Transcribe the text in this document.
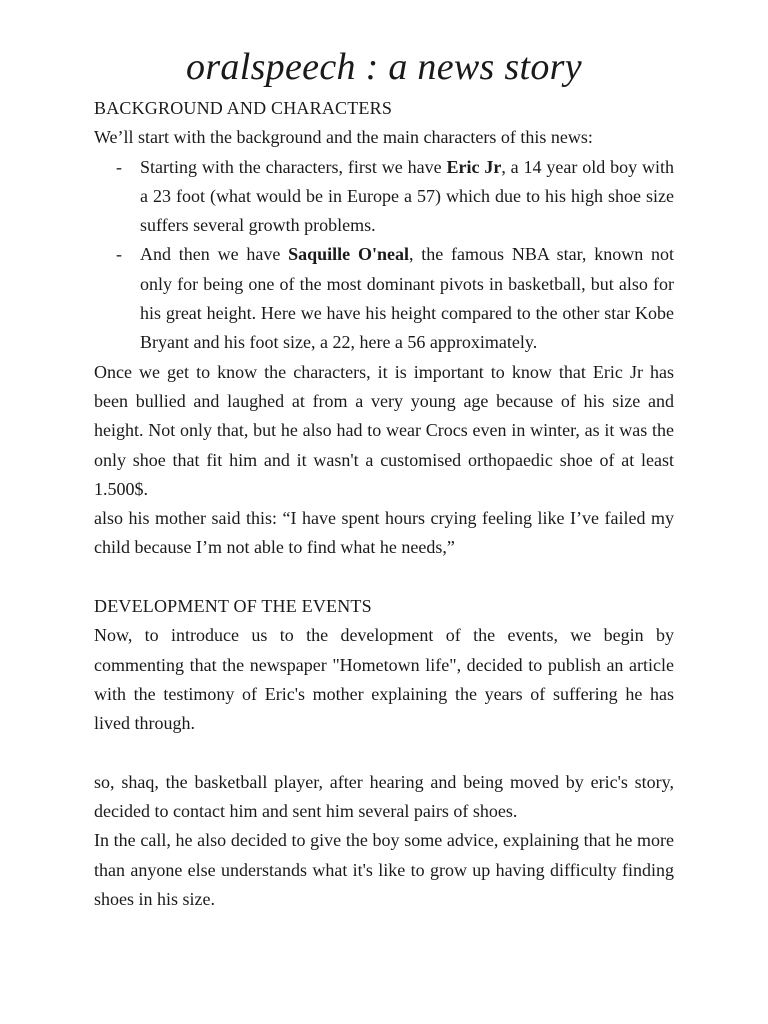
oralspeech : a news story
BACKGROUND AND CHARACTERS

We’ll start with the background and the main characters of this news:

- Starting with the characters, first we have Eric Jr, a 14 year old boy with a 23 foot (what would be in Europe a 57) which due to his high shoe size suffers several growth problems.
- And then we have Saquille O'neal, the famous NBA star, known not only for being one of the most dominant pivots in basketball, but also for his great height. Here we have his height compared to the other star Kobe Bryant and his foot size, a 22, here a 56 approximately.

Once we get to know the characters, it is important to know that Eric Jr has been bullied and laughed at from a very young age because of his size and height. Not only that, but he also had to wear Crocs even in winter, as it was the only shoe that fit him and it wasn't a customised orthopaedic shoe of at least 1.500$.

also his mother said this: “I have spent hours crying feeling like I’ve failed my child because I’m not able to find what he needs,”

DEVELOPMENT OF THE EVENTS

Now, to introduce us to the development of the events, we begin by commenting that the newspaper "Hometown life", decided to publish an article with the testimony of Eric's mother explaining the years of suffering he has lived through.

so, shaq, the basketball player, after hearing and being moved by eric's story, decided to contact him and sent him several pairs of shoes.

In the call, he also decided to give the boy some advice, explaining that he more than anyone else understands what it's like to grow up having difficulty finding shoes in his size.
